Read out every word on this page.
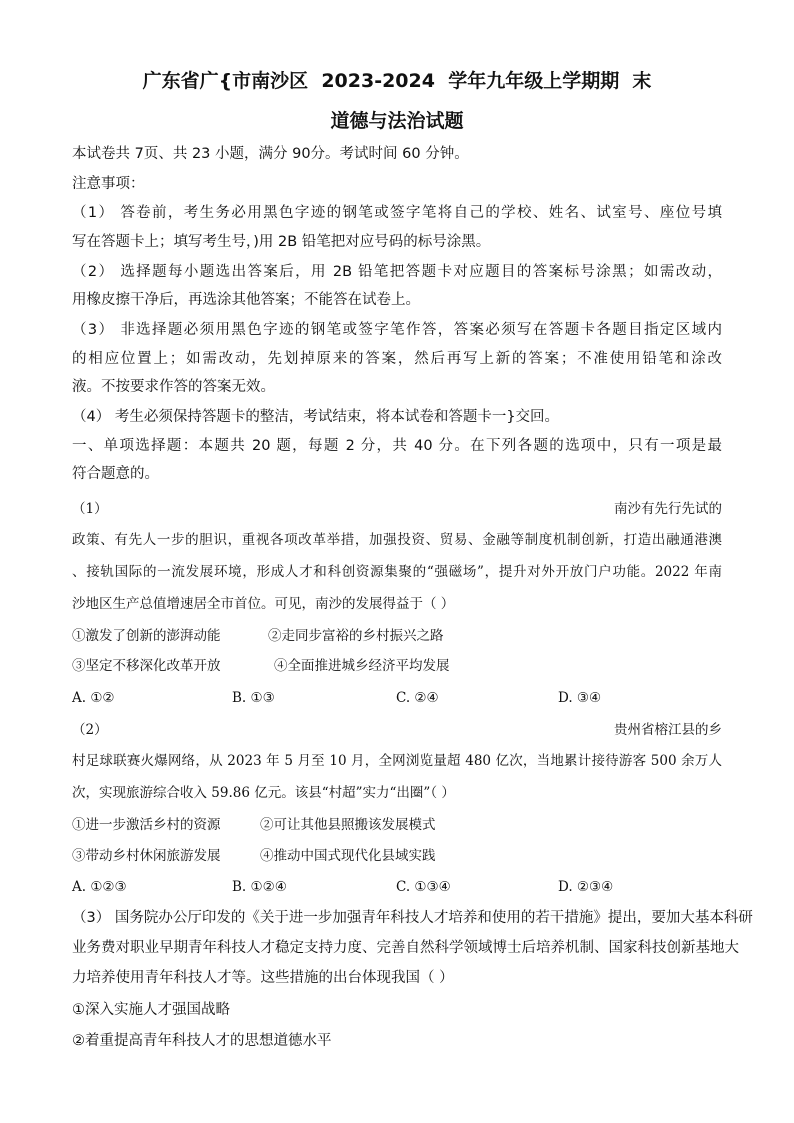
广东省广{市南沙区  2023-2024  学年九年级上学期期  末
道德与法治试题
本试卷共 7页、共 23 小题，满分 90分。考试时间 60 分钟。
注意事项：
（1） 答卷前，考生务必用黑色字迹的钢笔或签字笔将自己的学校、姓名、试室号、座位号填
写在答题卡上；填写考生号，)用 2B 铅笔把对应号码的标号涂黑。
（2） 选择题每小题选出答案后，用 2B 铅笔把答题卡对应题目的答案标号涂黑；如需改动，
用橡皮擦干净后，再选涂其他答案；不能答在试卷上。
（3） 非选择题必须用黑色字迹的钢笔或签字笔作答，答案必须写在答题卡各题目指定区域内
的相应位置上；如需改动，先划掉原来的答案，然后再写上新的答案；不准使用铅笔和涂改
液。不按要求作答的答案无效。
（4） 考生必须保持答题卡的整洁，考试结束，将本试卷和答题卡一}交回。
一、单项选择题：本题共 20 题，每题 2 分，共 40 分。在下列各题的选项中，只有一项是最
符合题意的。
（1）	南沙有先行先试的
政策、有先人一步的胆识，重视各项改革举措，加强投资、贸易、金融等制度机制创新，打造出融通港澳
、接轨国际的一流发展环境，形成人才和科创资源集聚的“强磁场”，提升对外开放门户功能。2022 年南
沙地区生产总值增速居全市首位。可见，南沙的发展得益于（ ）
①激发了创新的澎湃动能	②走同步富裕的乡村振兴之路
③坚定不移深化改革开放	④全面推进城乡经济平均发展
A. ①②	B. ①③	C. ②④	D. ③④
（2）	贵州省榕江县的乡
村足球联赛火爆网络，从 2023 年 5 月至 10 月，全网浏览量超 480 亿次，当地累计接待游客 500 余万人
次，实现旅游综合收入 59.86 亿元。该县“村超”实力“出圈”（ ）
①进一步激活乡村的资源	②可让其他县照搬该发展模式
③带动乡村休闲旅游发展	④推动中国式现代化县域实践
A. ①②③	B. ①②④	C. ①③④	D. ②③④
（3） 国务院办公厅印发的《关于进一步加强青年科技人才培养和使用的若干措施》提出，要加大基本科研
业务费对职业早期青年科技人才稳定支持力度、完善自然科学领域博士后培养机制、国家科技创新基地大
力培养使用青年科技人才等。这些措施的出台体现我国（ ）
①深入实施人才强国战略
②着重提高青年科技人才的思想道德水平
